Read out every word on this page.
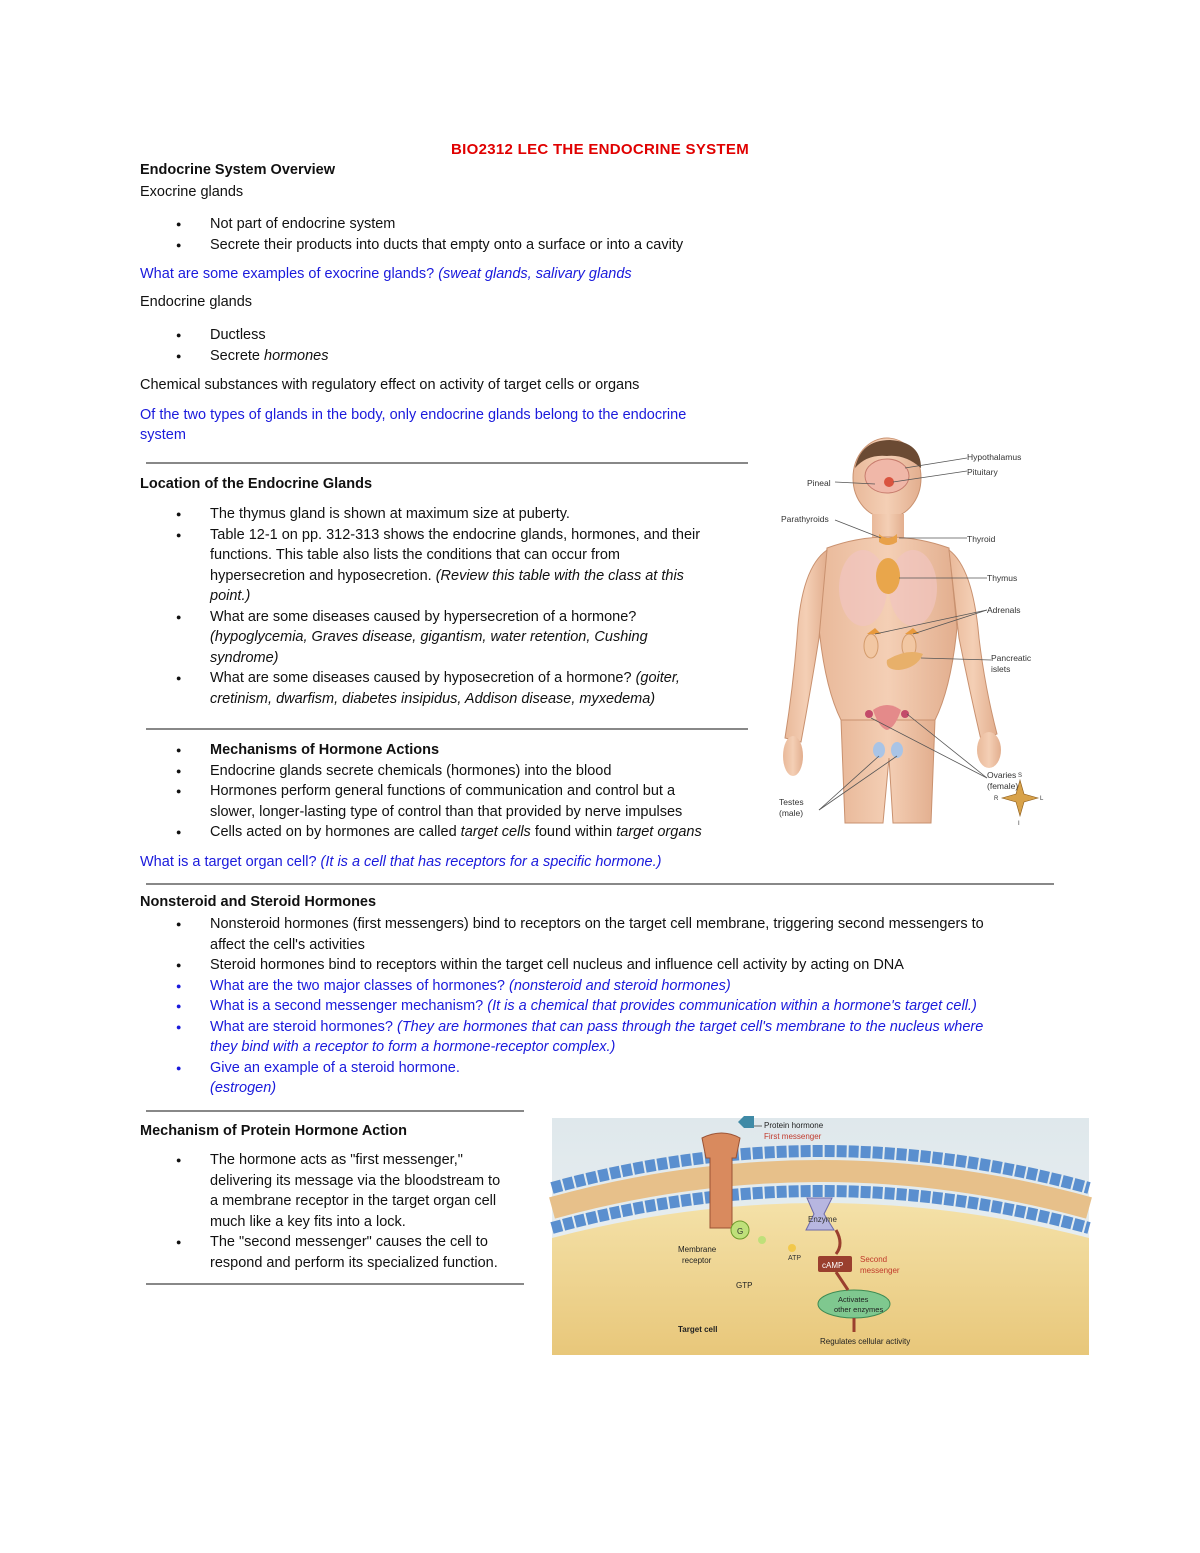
BIO2312 LEC THE ENDOCRINE SYSTEM
Endocrine System Overview
Exocrine glands
● Not part of endocrine system
● Secrete their products into ducts that empty onto a surface or into a cavity
What are some examples of exocrine glands? (sweat glands, salivary glands
Endocrine glands
● Ductless
● Secrete hormones
Chemical substances with regulatory effect on activity of target cells or organs
Of the two types of glands in the body, only endocrine glands belong to the endocrine
system
Location of the Endocrine Glands
● The thymus gland is shown at maximum size at puberty.
● Table 12-1 on pp. 312-313 shows the endocrine glands, hormones, and their
functions. This table also lists the conditions that can occur from
hypersecretion and hyposecretion. (Review this table with the class at this
point.)
● What are some diseases caused by hypersecretion of a hormone?
(hypoglycemia, Graves disease, gigantism, water retention, Cushing
syndrome)
● What are some diseases caused by hyposecretion of a hormone? (goiter,
cretinism, dwarfism, diabetes insipidus, Addison disease, myxedema)
● Mechanisms of Hormone Actions
● Endocrine glands secrete chemicals (hormones) into the blood
● Hormones perform general functions of communication and control but a
slower, longer-lasting type of control than that provided by nerve impulses
● Cells acted on by hormones are called target cells found within target organs
What is a target organ cell? (It is a cell that has receptors for a specific hormone.)
Nonsteroid and Steroid Hormones
● Nonsteroid hormones (first messengers) bind to receptors on the target cell membrane, triggering second messengers to
affect the cell's activities
● Steroid hormones bind to receptors within the target cell nucleus and influence cell activity by acting on DNA
● What are the two major classes of hormones? (nonsteroid and steroid hormones)
● What is a second messenger mechanism? (It is a chemical that provides communication within a hormone's target cell.)
● What are steroid hormones? (They are hormones that can pass through the target cell's membrane to the nucleus where
they bind with a receptor to form a hormone-receptor complex.)
● Give an example of a steroid hormone.
(estrogen)
Mechanism of Protein Hormone Action
● The hormone acts as "first messenger,"
delivering its message via the bloodstream to
a membrane receptor in the target organ cell
much like a key fits into a lock.
● The "second messenger" causes the cell to
respond and perform its specialized function.
Hypothalamus
Pituitary
Pineal
Parathyroids
Thyroid
Thymus
Adrenals
Pancreatic
islets
Ovaries
(female)
Testes
(male)
S
L
R
I
G
Enzyme
ATP
cAMP
Activates
other enzymes
Protein hormone
First messenger
Membrane
receptor
GTP
Second
messenger
Target cell
Regulates cellular activity
